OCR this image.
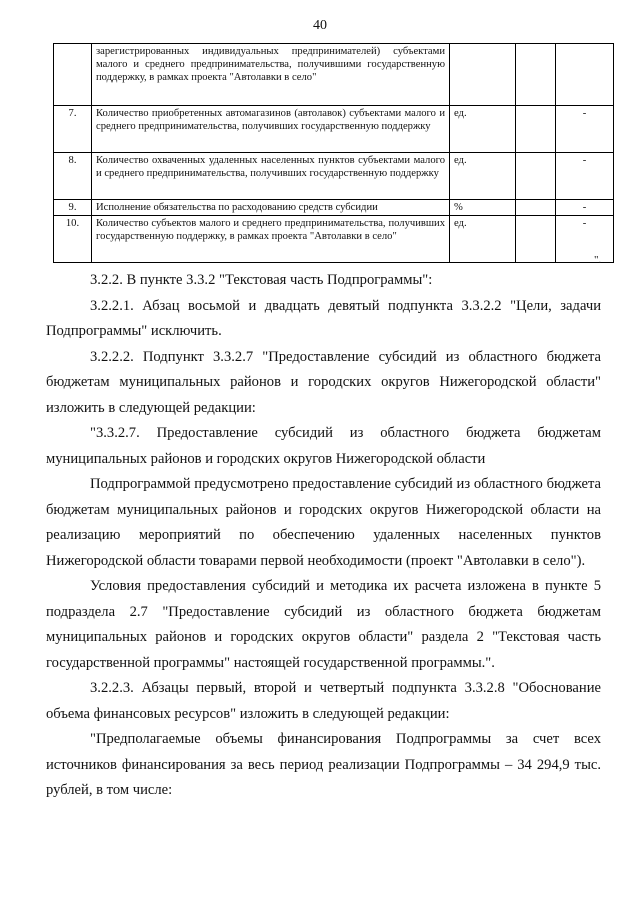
40
	зарегистрированных индивидуальных предпринимателей) субъектами малого и среднего предпринимательства, получившими государственную поддержку, в рамках проекта "Автолавки в село"			
7.	Количество приобретенных автомагазинов (автолавок) субъектами малого и среднего предпринимательства, получивших государственную поддержку	ед.		-
8.	Количество охваченных удаленных населенных пунктов субъектами малого и среднего предпринимательства, получивших государственную поддержку	ед.		-
9.	Исполнение обязательства по расходованию средств субсидии	%		-
10.	Количество субъектов малого и среднего предпринимательства, получивших государственную поддержку, в рамках проекта "Автолавки в село"	ед.		-
".

3.2.2. В пункте 3.3.2 "Текстовая часть Подпрограммы":

3.2.2.1. Абзац восьмой и двадцать девятый подпункта 3.3.2.2 "Цели, задачи Подпрограммы" исключить.

3.2.2.2. Подпункт 3.3.2.7 "Предоставление субсидий из областного бюджета бюджетам муниципальных районов и городских округов Нижегородской области" изложить в следующей редакции:

"3.3.2.7. Предоставление субсидий из областного бюджета бюджетам муниципальных районов и городских округов Нижегородской области

Подпрограммой предусмотрено предоставление субсидий из областного бюджета бюджетам муниципальных районов и городских округов Нижегородской области на реализацию мероприятий по обеспечению удаленных населенных пунктов Нижегородской области товарами первой необходимости (проект "Автолавки в село").

Условия предоставления субсидий и методика их расчета изложена в пункте 5 подраздела 2.7 "Предоставление субсидий из областного бюджета бюджетам муниципальных районов и городских округов области" раздела 2 "Текстовая часть государственной программы" настоящей государственной программы.".

3.2.2.3. Абзацы первый, второй и четвертый подпункта 3.3.2.8 "Обоснование объема финансовых ресурсов" изложить в следующей редакции:

"Предполагаемые объемы финансирования Подпрограммы за счет всех источников финансирования за весь период реализации Подпрограммы – 34 294,9 тыс. рублей, в том числе:
